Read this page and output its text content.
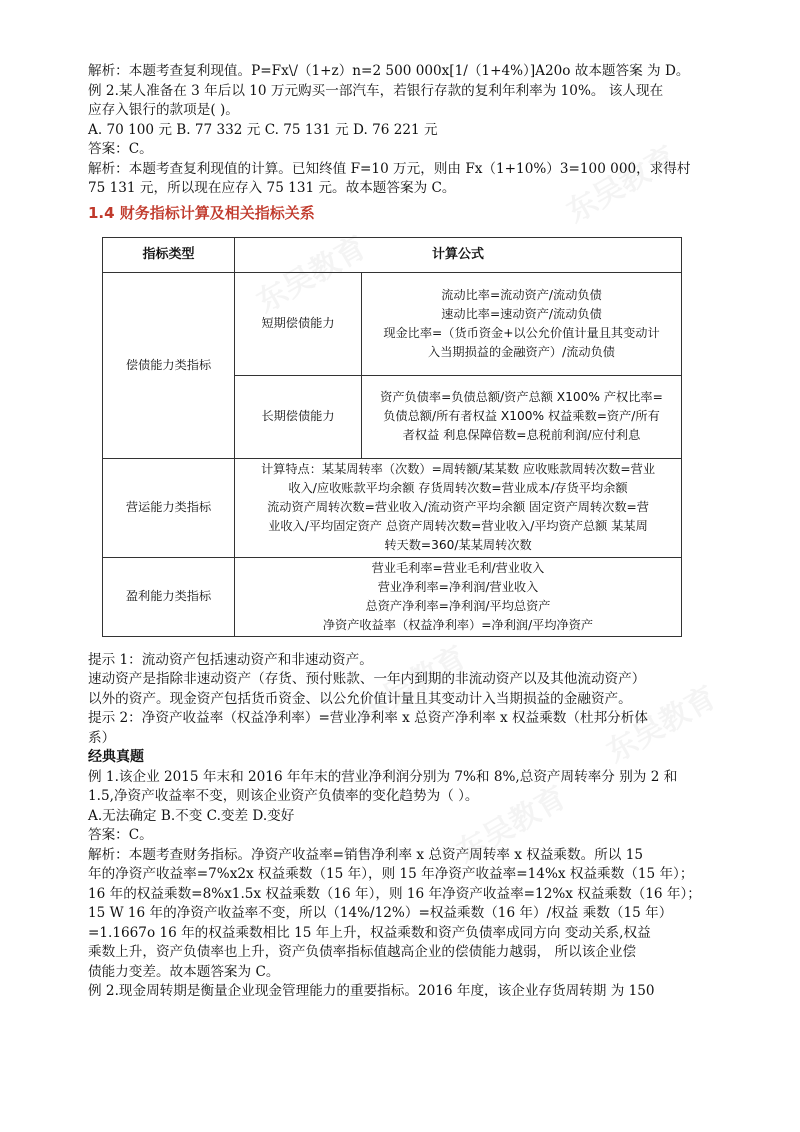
东吴教育
东吴教育
东吴教育	东吴教育
东吴教育

解析：本题考查复利现值。P=Fx\/（1+z）n=2 500 000x[1/（1+4%）]A20o 故本题答案 为 D。

例 2.某人准备在 3 年后以 10 万元购买一部汽车，若银行存款的复利年利率为 10%。 该人现在

应存入银行的款项是( )。

A. 70 100 元 B. 77 332 元 C. 75 131 元 D. 76 221 元

答案：C。

解析：本题考查复利现值的计算。已知终值 F=10 万元，则由 Fx（1+10%）3=100 000，求得村

75 131 元，所以现在应存入 75 131 元。故本题答案为 C。

1.4 财务指标计算及相关指标关系
指标类型	计算公式	
偿债能力类指标	短期偿债能力	流动比率=流动资产/流动负债
速动比率=速动资产/流动负债
现金比率=（货币资金+以公允价值计量且其变动计
入当期损益的金融资产）/流动负债

	长期偿债能力	资产负债率=负债总额/资产总额 X100% 产权比率=
负债总额/所有者权益 X100% 权益乘数=资产/所有
者权益 利息保障倍数=息税前利润/应付利息

营运能力类指标	计算特点：某某周转率（次数）=周转额/某某数 应收账款周转次数=营业
收入/应收账款平均余额 存货周转次数=营业成本/存货平均余额
流动资产周转次数=营业收入/流动资产平均余额 固定资产周转次数=营
业收入/平均固定资产 总资产周转次数=营业收入/平均资产总额 某某周
转天数=360/某某周转次数	

盈利能力类指标	营业毛利率=营业毛利/营业收入
营业净利率=净利润/营业收入
总资产净利率=净利润/平均总资产
净资产收益率（权益净利率）=净利润/平均净资产	

提示 1：流动资产包括速动资产和非速动资产。

速动资产是指除非速动资产（存货、预付账款、一年内到期的非流动资产以及其他流动资产）

以外的资产。现金资产包括货币资金、以公允价值计量且其变动计入当期损益的金融资产。

提示 2：净资产收益率（权益净利率）=营业净利率 x 总资产净利率 x 权益乘数（杜邦分析体

系）

经典真题

例 1.该企业 2015 年末和 2016 年年末的营业净利润分别为 7%和 8%,总资产周转率分 别为 2 和

1.5,净资产收益率不变，则该企业资产负债率的变化趋势为（ ）。

A.无法确定 B.不变 C.变差 D.变好

答案：C。

解析：本题考查财务指标。净资产收益率=销售净利率 x 总资产周转率 x 权益乘数。所以 15

年的净资产收益率=7%x2x 权益乘数（15 年），则 15 年净资产收益率=14%x 权益乘数（15 年）；

16 年的权益乘数=8%x1.5x 权益乘数（16 年），则 16 年净资产收益率=12%x 权益乘数（16 年）；

15 W 16 年的净资产收益率不变，所以（14%/12%）=权益乘数（16 年）/权益 乘数（15 年）

=1.1667o 16 年的权益乘数相比 15 年上升，权益乘数和资产负债率成同方向 变动关系,权益

乘数上升，资产负债率也上升，资产负债率指标值越高企业的偿债能力越弱， 所以该企业偿

债能力变差。故本题答案为 C。

例 2.现金周转期是衡量企业现金管理能力的重要指标。2016 年度，该企业存货周转期 为 150
